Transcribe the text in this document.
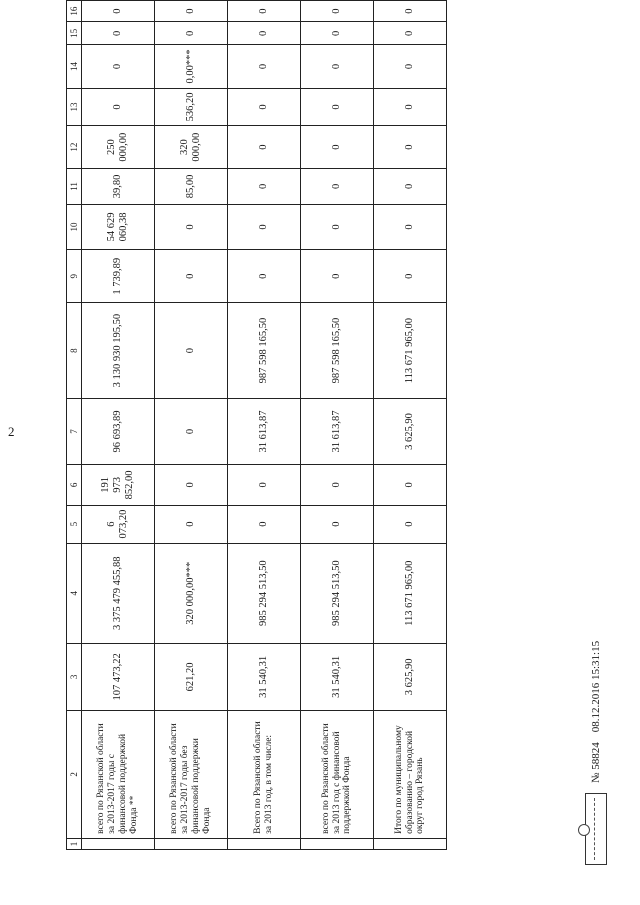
2
1	2	3	4	5	6	7	8	9	10	11	12	13	14	15	16
	всего по Рязанской области за 2013-2017 годы с финансовой поддержкой Фонда **	107 473,22	3 375 479 455,88	6 073,20	191 973 852,00	96 693,89	3 130 930 195,50	1 739,89	54 629 060,38	39,80	250 000,00	0	0	0	0
	всего по Рязанской области за 2013-2017 годы без финансовой поддержки Фонда	621,20	320 000,00***	0	0	0	0	0	0	85,00	320 000,00	536,20	0,00***	0	0
	Всего по Рязанской области за 2013 год, в том числе:	31 540,31	985 294 513,50	0	0	31 613,87	987 598 165,50	0	0	0	0	0	0	0	0
	всего по Рязанской области за 2013 год с финансовой поддержкой Фонда	31 540,31	985 294 513,50	0	0	31 613,87	987 598 165,50	0	0	0	0	0	0	0	0
	Итого по муниципальному образованию – городской округ город Рязань	3 625,90	113 671 965,00	0	0	3 625,90	113 671 965,00	0	0	0	0	0	0	0	0
№ 58824
08.12.2016 15:31:15
